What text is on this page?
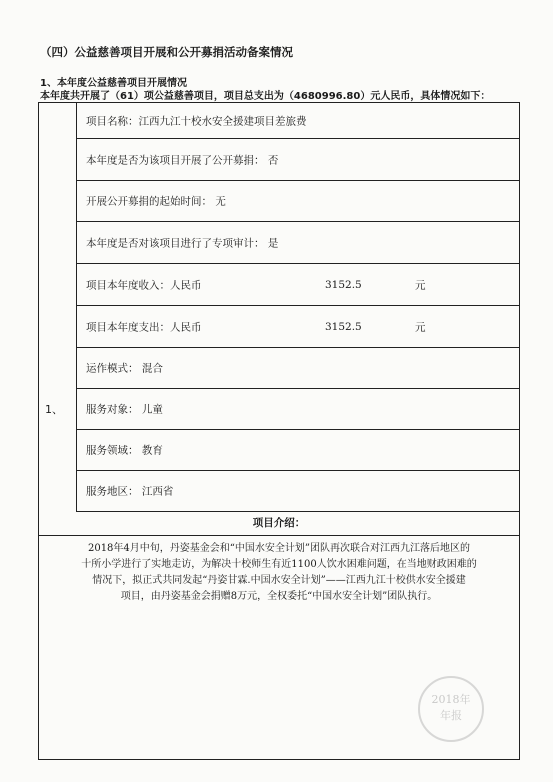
（四）公益慈善项目开展和公开募捐活动备案情况
1、本年度公益慈善项目开展情况
本年度共开展了（61）项公益慈善项目，项目总支出为（4680996.80）元人民币，具体情况如下：
1、
项目名称：江西九江十校水安全援建项目差旅费
本年度是否为该项目开展了公开募捐： 否
开展公开募捐的起始时间： 无
本年度是否对该项目进行了专项审计： 是
项目本年度收入：人民币	3152.5	元
项目本年度支出：人民币	3152.5	元
运作模式： 混合
服务对象： 儿童
服务领域： 教育
服务地区： 江西省
项目介绍：
2018年4月中旬，丹姿基金会和“中国水安全计划”团队再次联合对江西九江落后地区的
十所小学进行了实地走访，为解决十校师生有近1100人饮水困难问题，在当地财政困难的
情况下，拟正式共同发起“丹姿甘霖.中国水安全计划”——江西九江十校供水安全援建
项目，由丹姿基金会捐赠8万元，全权委托“中国水安全计划”团队执行。
2018年
年报
